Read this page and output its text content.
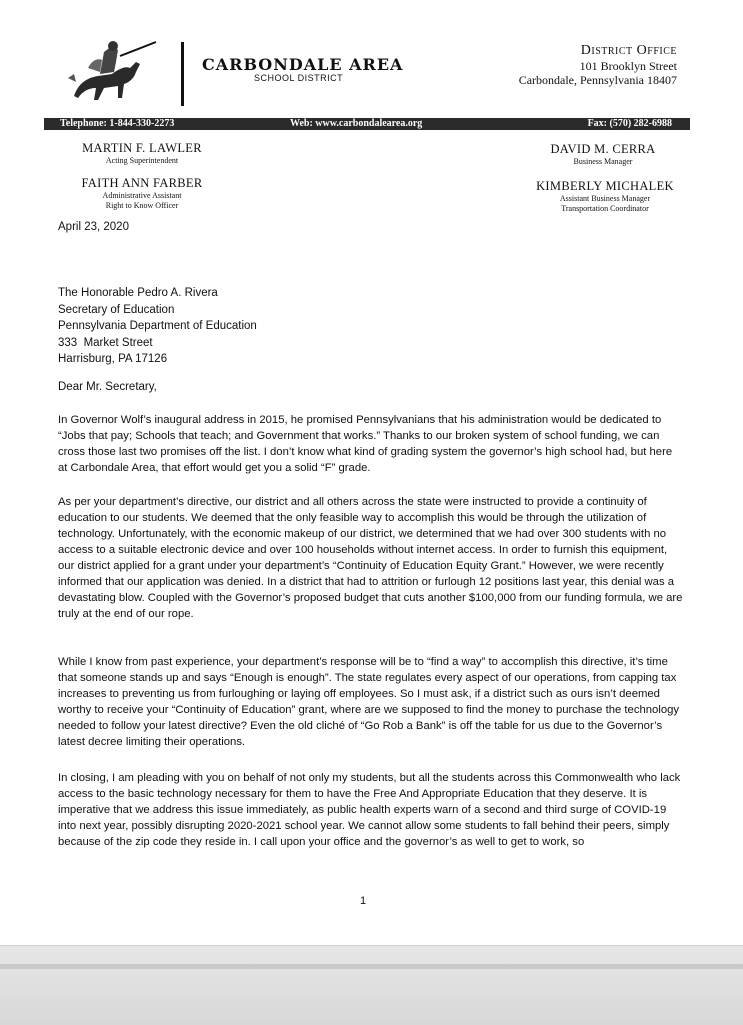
CARBONDALE AREA
SCHOOL DISTRICT
District Office
101 Brooklyn Street
Carbondale, Pennsylvania 18407
Telephone: 1-844-330-2273	Web: www.carbondalearea.org	Fax: (570) 282-6988
MARTIN F. LAWLER
Acting Superintendent
FAITH ANN FARBER
Administrative Assistant
Right to Know Officer
DAVID M. CERRA
Business Manager
KIMBERLY MICHALEK
Assistant Business Manager
Transportation Coordinator
April 23, 2020
The Honorable Pedro A. Rivera
Secretary of Education
Pennsylvania Department of Education
333  Market Street
Harrisburg, PA 17126
Dear Mr. Secretary,
In Governor Wolf’s inaugural address in 2015, he promised Pennsylvanians that his administration would be dedicated to “Jobs that pay; Schools that teach; and Government that works.” Thanks to our broken system of school funding, we can cross those last two promises off the list. I don’t know what kind of grading system the governor’s high school had, but here at Carbondale Area, that effort would get you a solid “F” grade.
As per your department’s directive, our district and all others across the state were instructed to provide a continuity of education to our students. We deemed that the only feasible way to accomplish this would be through the utilization of technology. Unfortunately, with the economic makeup of our district, we determined that we had over 300 students with no access to a suitable electronic device and over 100 households without internet access. In order to furnish this equipment, our district applied for a grant under your department’s “Continuity of Education Equity Grant.” However, we were recently informed that our application was denied. In a district that had to attrition or furlough 12 positions last year, this denial was a devastating blow. Coupled with the Governor’s proposed budget that cuts another $100,000 from our funding formula, we are truly at the end of our rope.
While I know from past experience, your department’s response will be to “find a way” to accomplish this directive, it’s time that someone stands up and says “Enough is enough”. The state regulates every aspect of our operations, from capping tax increases to preventing us from furloughing or laying off employees. So I must ask, if a district such as ours isn’t deemed worthy to receive your “Continuity of Education” grant, where are we supposed to find the money to purchase the technology needed to follow your latest directive? Even the old cliché of “Go Rob a Bank” is off the table for us due to the Governor’s latest decree limiting their operations.
In closing, I am pleading with you on behalf of not only my students, but all the students across this Commonwealth who lack access to the basic technology necessary for them to have the Free And Appropriate Education that they deserve. It is imperative that we address this issue immediately, as public health experts warn of a second and third surge of COVID-19 into next year, possibly disrupting 2020-2021 school year. We cannot allow some students to fall behind their peers, simply because of the zip code they reside in. I call upon your office and the governor’s as well to get to work, so
1
